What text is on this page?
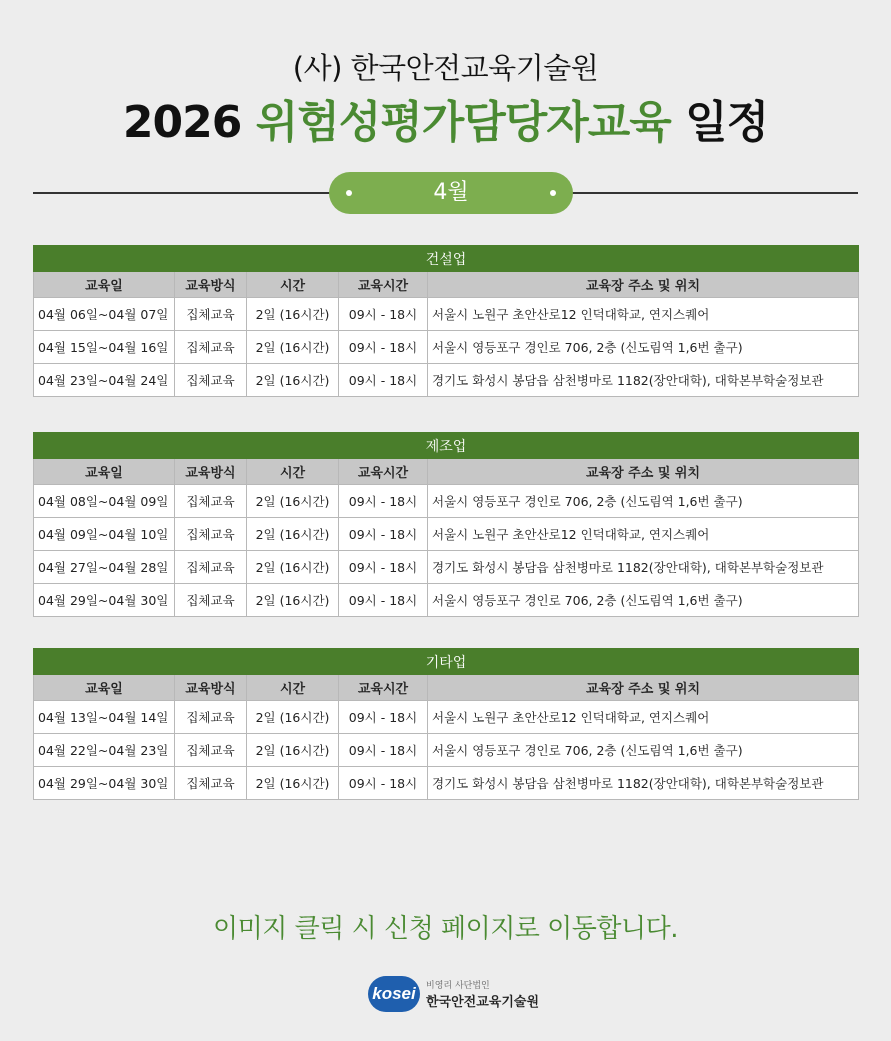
(사) 한국안전교육기술원
2026 위험성평가담당자교육 일정
4월
건설업				
교육일	교육방식	시간	교육시간	교육장 주소 및 위치
04월 06일~04월 07일	집체교육	2일 (16시간)	09시 - 18시	서울시 노원구 초안산로12 인덕대학교, 연지스퀘어
04월 15일~04월 16일	집체교육	2일 (16시간)	09시 - 18시	서울시 영등포구 경인로 706, 2층 (신도림역 1,6번 출구)
04월 23일~04월 24일	집체교육	2일 (16시간)	09시 - 18시	경기도 화성시 봉담읍 삼천병마로 1182(장안대학), 대학본부학술정보관
제조업				
교육일	교육방식	시간	교육시간	교육장 주소 및 위치
04월 08일~04월 09일	집체교육	2일 (16시간)	09시 - 18시	서울시 영등포구 경인로 706, 2층 (신도림역 1,6번 출구)
04월 09일~04월 10일	집체교육	2일 (16시간)	09시 - 18시	서울시 노원구 초안산로12 인덕대학교, 연지스퀘어
04월 27일~04월 28일	집체교육	2일 (16시간)	09시 - 18시	경기도 화성시 봉담읍 삼천병마로 1182(장안대학), 대학본부학술정보관
04월 29일~04월 30일	집체교육	2일 (16시간)	09시 - 18시	서울시 영등포구 경인로 706, 2층 (신도림역 1,6번 출구)
기타업				
교육일	교육방식	시간	교육시간	교육장 주소 및 위치
04월 13일~04월 14일	집체교육	2일 (16시간)	09시 - 18시	서울시 노원구 초안산로12 인덕대학교, 연지스퀘어
04월 22일~04월 23일	집체교육	2일 (16시간)	09시 - 18시	서울시 영등포구 경인로 706, 2층 (신도림역 1,6번 출구)
04월 29일~04월 30일	집체교육	2일 (16시간)	09시 - 18시	경기도 화성시 봉담읍 삼천병마로 1182(장안대학), 대학본부학술정보관
이미지 클릭 시 신청 페이지로 이동합니다.
kosei	비영리 사단법인
한국안전교육기술원
